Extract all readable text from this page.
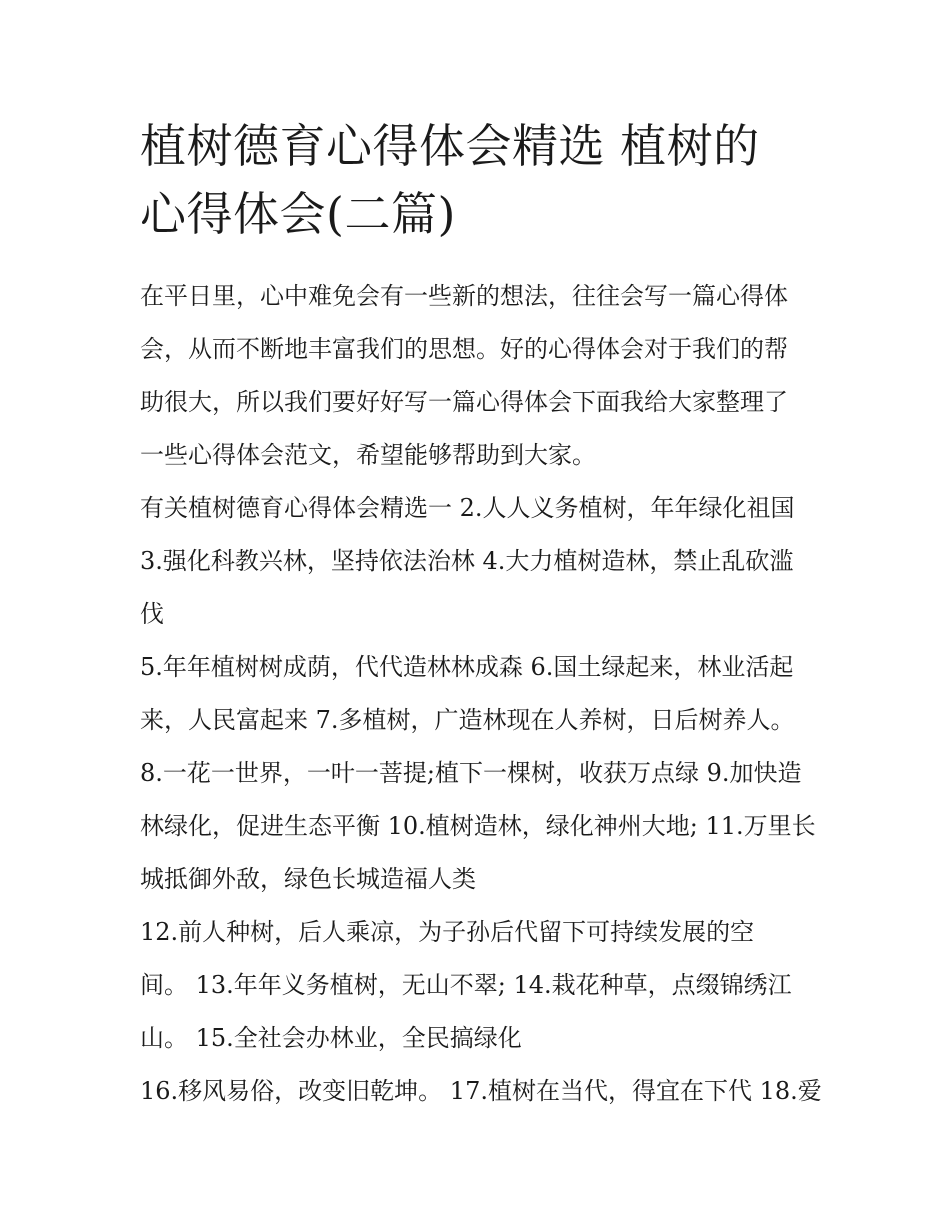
植树德育心得体会精选 植树的
心得体会(二篇)

在平日里，心中难免会有一些新的想法，往往会写一篇心得体
会，从而不断地丰富我们的思想。好的心得体会对于我们的帮
助很大，所以我们要好好写一篇心得体会下面我给大家整理了
一些心得体会范文，希望能够帮助到大家。

有关植树德育心得体会精选一 2.人人义务植树，年年绿化祖国
3.强化科教兴林，坚持依法治林 4.大力植树造林，禁止乱砍滥
伐

5.年年植树树成荫，代代造林林成森 6.国土绿起来，林业活起
来，人民富起来 7.多植树，广造林现在人养树，日后树养人。
8.一花一世界，一叶一菩提;植下一棵树，收获万点绿 9.加快造
林绿化，促进生态平衡 10.植树造林，绿化神州大地; 11.万里长
城抵御外敌，绿色长城造福人类

12.前人种树，后人乘凉，为子孙后代留下可持续发展的空
间。 13.年年义务植树，无山不翠; 14.栽花种草，点缀锦绣江
山。 15.全社会办林业，全民搞绿化

16.移风易俗，改变旧乾坤。 17.植树在当代，得宜在下代 18.爱
